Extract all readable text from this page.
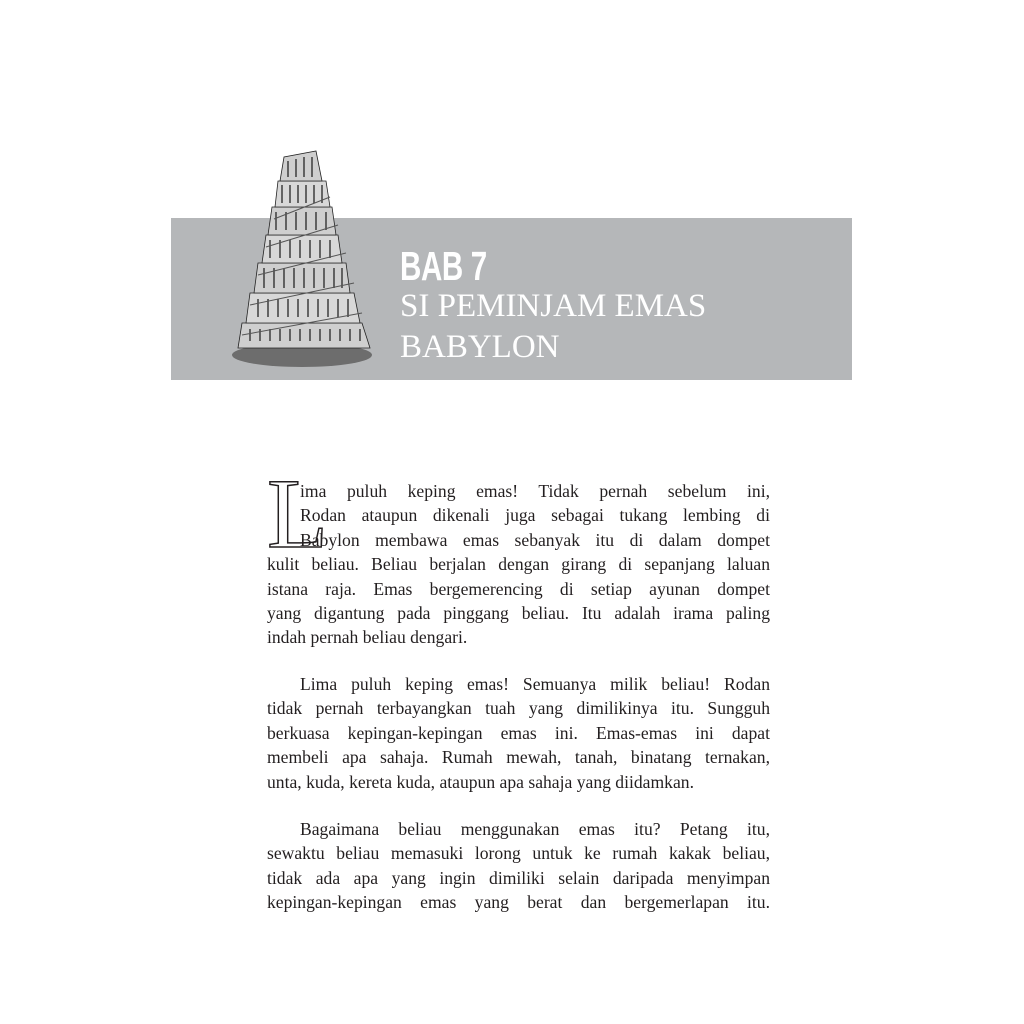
BAB 7
SI PEMINJAM EMAS
BABYLON
L
ima puluh keping emas! Tidak pernah sebelum ini,
Rodan ataupun dikenali juga sebagai tukang lembing di
Babylon membawa emas sebanyak itu di dalam dompet
kulit beliau. Beliau berjalan dengan girang di sepanjang laluan
istana raja. Emas bergemerencing di setiap ayunan dompet
yang digantung pada pinggang beliau. Itu adalah irama paling
indah pernah beliau dengari.
Lima puluh keping emas! Semuanya milik beliau! Rodan
tidak pernah terbayangkan tuah yang dimilikinya itu. Sungguh
berkuasa kepingan-kepingan emas ini. Emas-emas ini dapat
membeli apa sahaja. Rumah mewah, tanah, binatang ternakan,
unta, kuda, kereta kuda, ataupun apa sahaja yang diidamkan.
Bagaimana beliau menggunakan emas itu? Petang itu,
sewaktu beliau memasuki lorong untuk ke rumah kakak beliau,
tidak ada apa yang ingin dimiliki selain daripada menyimpan
kepingan-kepingan emas yang berat dan bergemerlapan itu.
